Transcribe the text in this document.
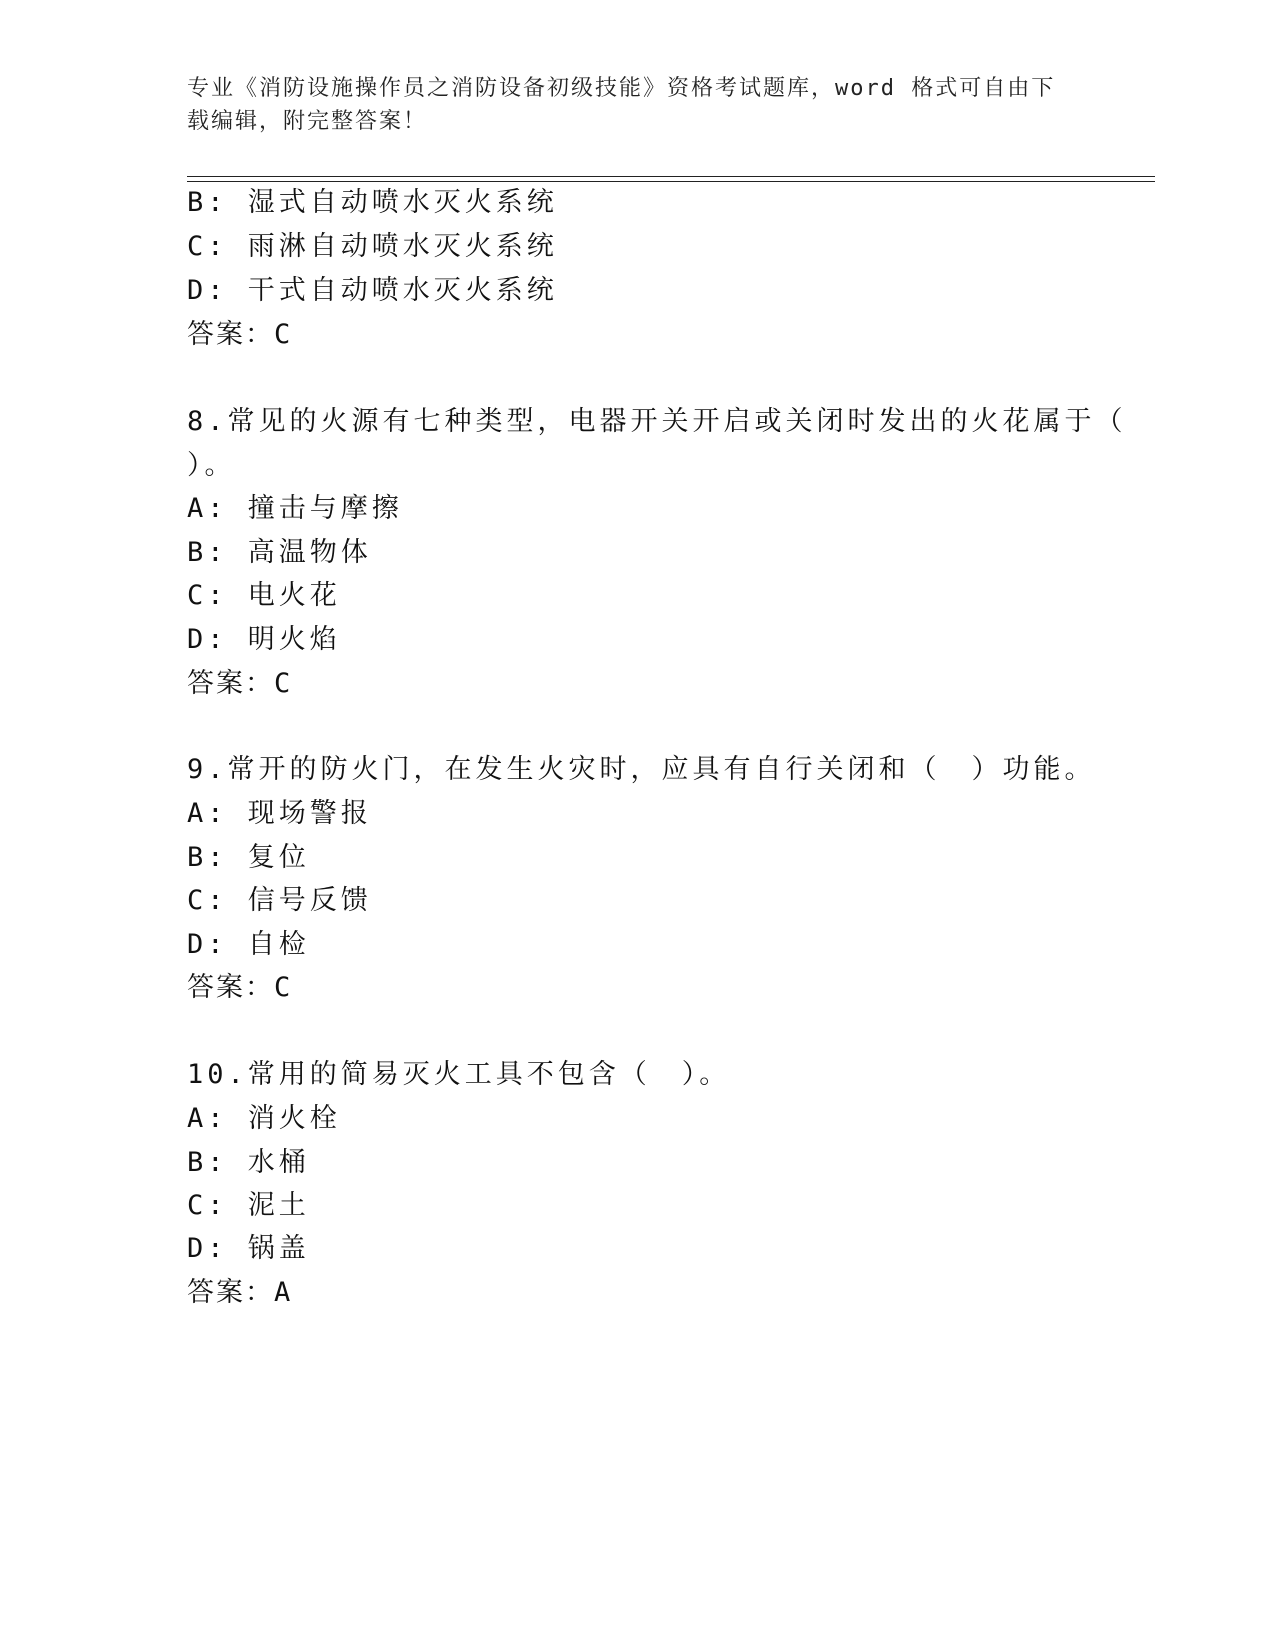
专业《消防设施操作员之消防设备初级技能》资格考试题库，word 格式可自由下
载编辑，附完整答案！
B: 湿式自动喷水灭火系统
C: 雨淋自动喷水灭火系统
D: 干式自动喷水灭火系统
答案：C
8.常见的火源有七种类型，电器开关开启或关闭时发出的火花属于（
）。
A: 撞击与摩擦
B: 高温物体
C: 电火花
D: 明火焰
答案：C
9.常开的防火门，在发生火灾时，应具有自行关闭和（　）功能。
A: 现场警报
B: 复位
C: 信号反馈
D: 自检
答案：C
10.常用的简易灭火工具不包含（　）。
A: 消火栓
B: 水桶
C: 泥土
D: 锅盖
答案：A
